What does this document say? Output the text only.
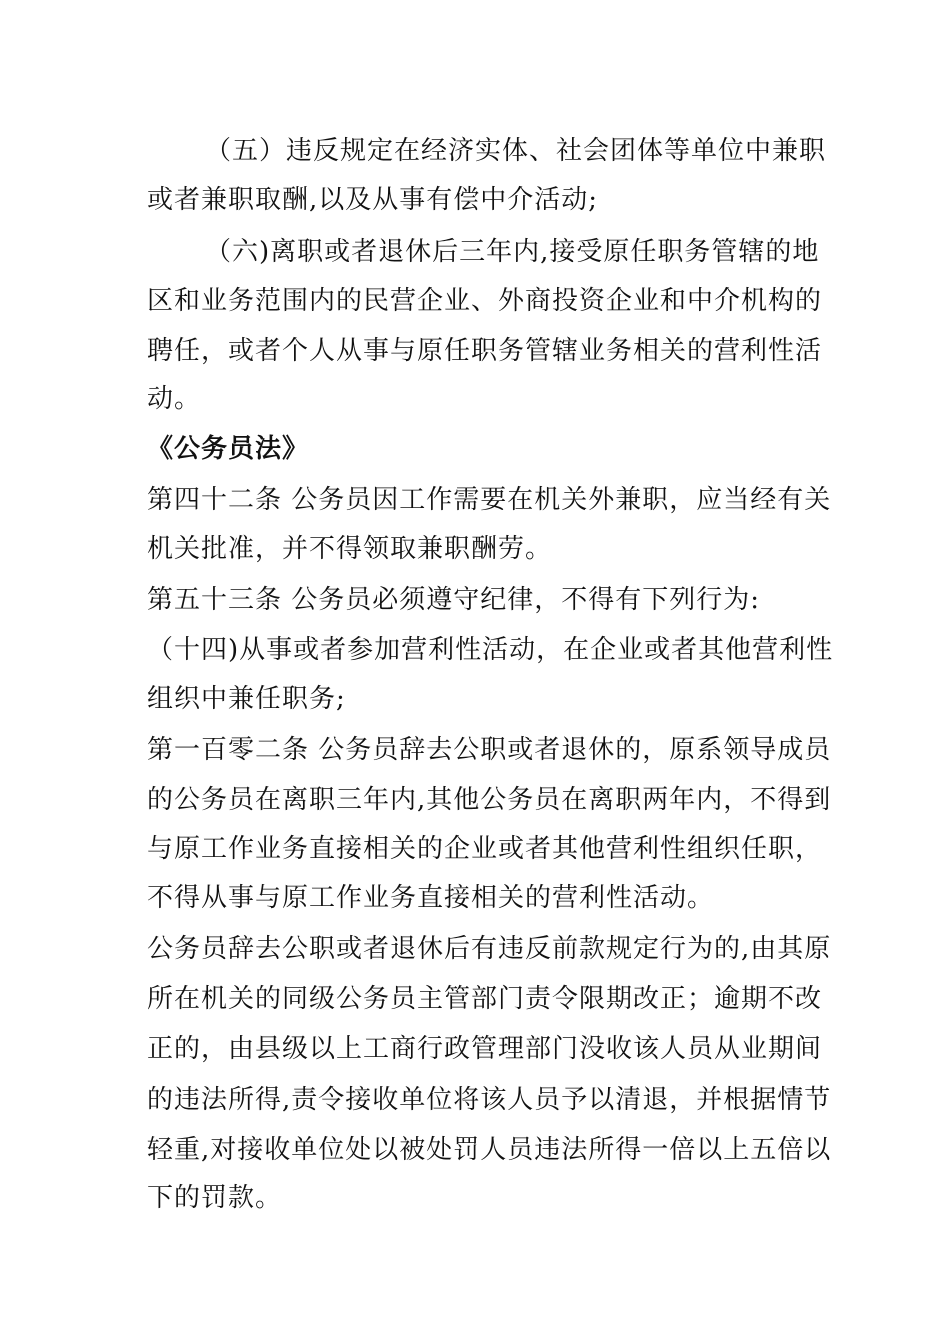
（五）违反规定在经济实体、社会团体等单位中兼职
或者兼职取酬,以及从事有偿中介活动;
（六)离职或者退休后三年内,接受原任职务管辖的地
区和业务范围内的民营企业、外商投资企业和中介机构的
聘任，或者个人从事与原任职务管辖业务相关的营利性活
动。
《公务员法》
第四十二条 公务员因工作需要在机关外兼职，应当经有关
机关批准，并不得领取兼职酬劳。
第五十三条 公务员必须遵守纪律，不得有下列行为:
（十四)从事或者参加营利性活动，在企业或者其他营利性
组织中兼任职务;
第一百零二条 公务员辞去公职或者退休的，原系领导成员
的公务员在离职三年内,其他公务员在离职两年内，不得到
与原工作业务直接相关的企业或者其他营利性组织任职，
不得从事与原工作业务直接相关的营利性活动。
公务员辞去公职或者退休后有违反前款规定行为的,由其原
所在机关的同级公务员主管部门责令限期改正；逾期不改
正的，由县级以上工商行政管理部门没收该人员从业期间
的违法所得,责令接收单位将该人员予以清退，并根据情节
轻重,对接收单位处以被处罚人员违法所得一倍以上五倍以
下的罚款。
